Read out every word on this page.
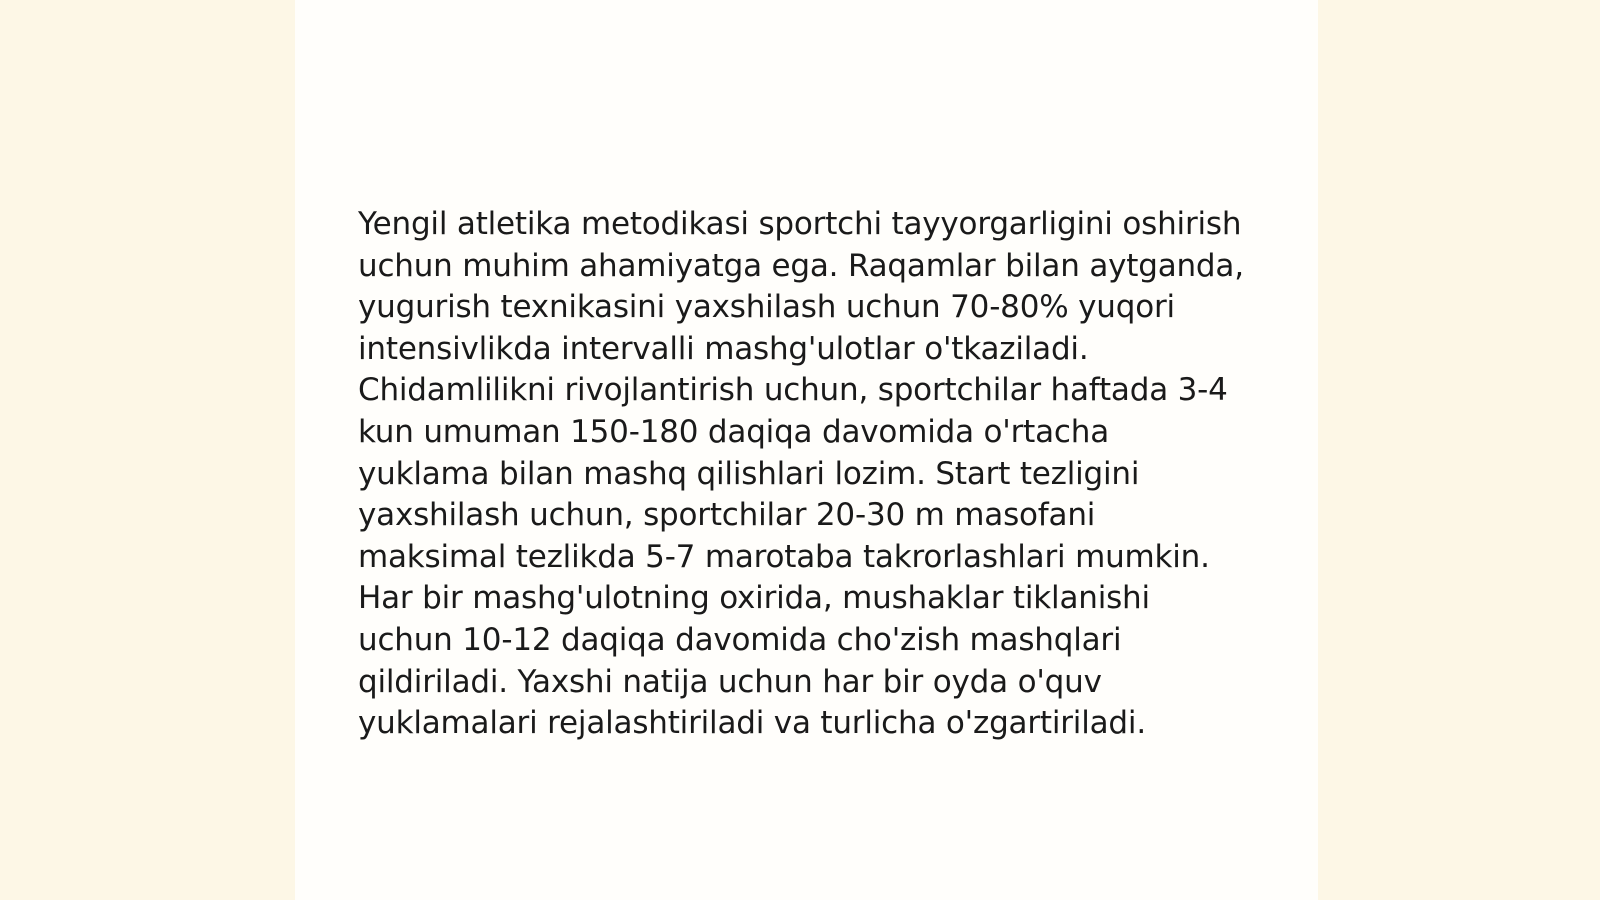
Yengil atletika metodikasi sportchi tayyorgarligini oshirish uchun muhim ahamiyatga ega. Raqamlar bilan aytganda, yugurish texnikasini yaxshilash uchun 70-80% yuqori intensivlikda intervalli mashg'ulotlar o'tkaziladi. Chidamlilikni rivojlantirish uchun, sportchilar haftada 3-4 kun umuman 150-180 daqiqa davomida o'rtacha yuklama bilan mashq qilishlari lozim. Start tezligini yaxshilash uchun, sportchilar 20-30 m masofani maksimal tezlikda 5-7 marotaba takrorlashlari mumkin. Har bir mashg'ulotning oxirida, mushaklar tiklanishi uchun 10-12 daqiqa davomida cho'zish mashqlari qildiriladi. Yaxshi natija uchun har bir oyda o'quv yuklamalari rejalashtiriladi va turlicha o'zgartiriladi.
